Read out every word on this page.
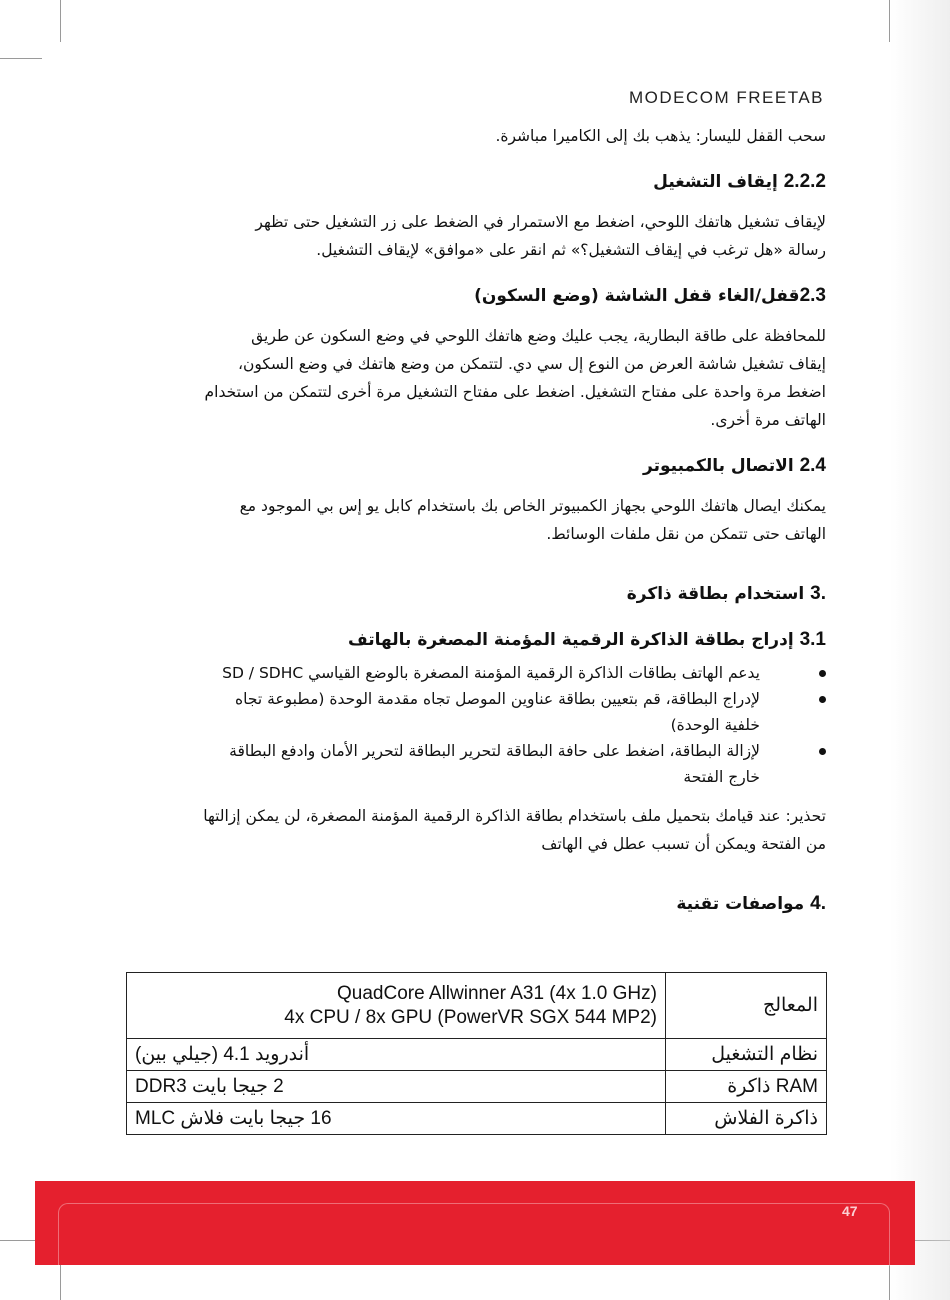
MODECOM FREETAB

سحب القفل لليسار: يذهب بك إلى الكاميرا مباشرة.

2.2.2 إيقاف التشغيل

لإيقاف تشغيل هاتفك اللوحي، اضغط مع الاستمرار في الضغط على زر التشغيل حتى تظهر

رسالة «هل ترغب في إيقاف التشغيل؟» ثم انقر على «موافق» لإيقاف التشغيل.

2.3قفل/الغاء قفل الشاشة (وضع السكون)

للمحافظة على طاقة البطارية، يجب عليك وضع هاتفك اللوحي في وضع السكون عن طريق

إيقاف تشغيل شاشة العرض من النوع إل سي دي. لتتمكن من وضع هاتفك في وضع السكون،

اضغط مرة واحدة على مفتاح التشغيل. اضغط على مفتاح التشغيل مرة أخرى لتتمكن من استخدام

الهاتف مرة أخرى.

2.4 الاتصال بالكمبيوتر

يمكنك ايصال هاتفك اللوحي بجهاز الكمبيوتر الخاص بك باستخدام كابل يو إس بي الموجود مع

الهاتف حتى تتمكن من نقل ملفات الوسائط.

.3 استخدام بطاقة ذاكرة

3.1 إدراج بطاقة الذاكرة الرقمية المؤمنة المصغرة بالهاتف

يدعم الهاتف بطاقات الذاكرة الرقمية المؤمنة المصغرة بالوضع القياسي SD / SDHC
لإدراج البطاقة، قم بتعيين بطاقة عناوين الموصل تجاه مقدمة الوحدة (مطبوعة تجاه
خلفية الوحدة)
لإزالة البطاقة، اضغط على حافة البطاقة لتحرير البطاقة لتحرير الأمان وادفع البطاقة
خارج الفتحة

تحذير: عند قيامك بتحميل ملف باستخدام بطاقة الذاكرة الرقمية المؤمنة المصغرة، لن يمكن إزالتها

من الفتحة ويمكن أن تسبب عطل في الهاتف

.4 مواصفات تقنية

المعالج	QuadCore Allwinner A31 (4x 1.0 GHz)
4x CPU / 8x GPU (PowerVR SGX 544 MP2)

نظام التشغيل	أندرويد 4.1 (جيلي بين)
RAM ذاكرة	2 جيجا بايت DDR3
ذاكرة الفلاش	16 جيجا بايت فلاش MLC
47
